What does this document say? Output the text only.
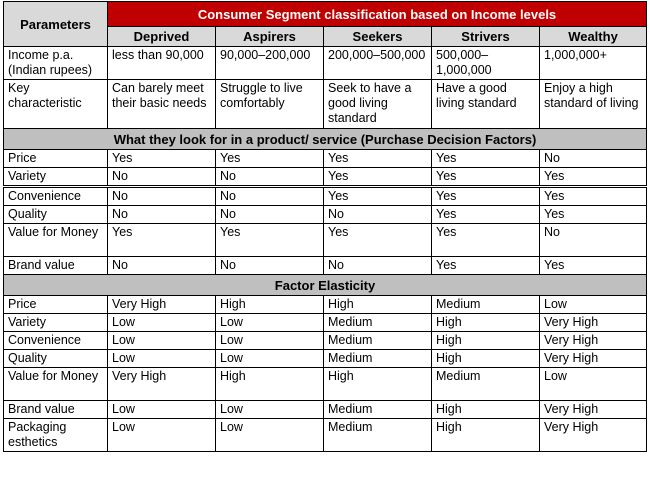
Parameters	Consumer Segment classification based on Income levels				
	Deprived	Aspirers	Seekers	Strivers	Wealthy
Income p.a. (Indian rupees)	less than 90,000	90,000–200,000	200,000–500,000	500,000–1,000,000	1,000,000+
Key characteristic	Can barely meet their basic needs	Struggle to live comfortably	Seek to have a good living standard	Have a good living standard	Enjoy a high standard of living
What they look for in a product/ service (Purchase Decision Factors)					
Price	Yes	Yes	Yes	Yes	No
Variety	No	No	Yes	Yes	Yes
Convenience	No	No	Yes	Yes	Yes
Quality	No	No	No	Yes	Yes
Value for Money	Yes	Yes	Yes	Yes	No
Brand value	No	No	No	Yes	Yes
Factor Elasticity					
Price	Very High	High	High	Medium	Low
Variety	Low	Low	Medium	High	Very High
Convenience	Low	Low	Medium	High	Very High
Quality	Low	Low	Medium	High	Very High
Value for Money	Very High	High	High	Medium	Low
Brand value	Low	Low	Medium	High	Very High
Packaging esthetics	Low	Low	Medium	High	Very High
